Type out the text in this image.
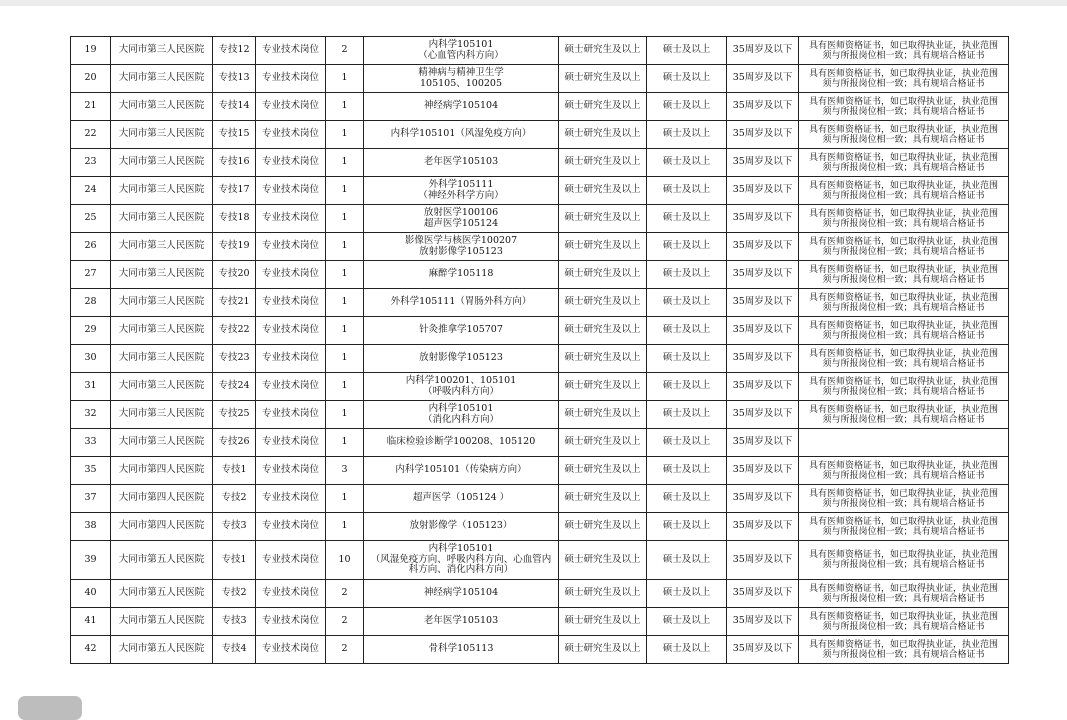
19	大同市第三人民医院	专技12	专业技术岗位	2	内科学105101
（心血管内科方向）	硕士研究生及以上	硕士及以上	35周岁及以下	具有医师资格证书，如已取得执业证，执业范围
须与所报岗位相一致；具有规培合格证书

20	大同市第三人民医院	专技13	专业技术岗位	1	精神病与精神卫生学
105105、100205	硕士研究生及以上	硕士及以上	35周岁及以下	具有医师资格证书，如已取得执业证，执业范围
须与所报岗位相一致；具有规培合格证书

21	大同市第三人民医院	专技14	专业技术岗位	1	神经病学105104	硕士研究生及以上	硕士及以上	35周岁及以下	具有医师资格证书，如已取得执业证，执业范围
须与所报岗位相一致；具有规培合格证书

22	大同市第三人民医院	专技15	专业技术岗位	1	内科学105101（风湿免疫方向）	硕士研究生及以上	硕士及以上	35周岁及以下	具有医师资格证书，如已取得执业证，执业范围
须与所报岗位相一致；具有规培合格证书

23	大同市第三人民医院	专技16	专业技术岗位	1	老年医学105103	硕士研究生及以上	硕士及以上	35周岁及以下	具有医师资格证书，如已取得执业证，执业范围
须与所报岗位相一致；具有规培合格证书

24	大同市第三人民医院	专技17	专业技术岗位	1	外科学105111
（神经外科学方向）	硕士研究生及以上	硕士及以上	35周岁及以下	具有医师资格证书，如已取得执业证，执业范围
须与所报岗位相一致；具有规培合格证书

25	大同市第三人民医院	专技18	专业技术岗位	1	放射医学100106
超声医学105124	硕士研究生及以上	硕士及以上	35周岁及以下	具有医师资格证书，如已取得执业证，执业范围
须与所报岗位相一致；具有规培合格证书

26	大同市第三人民医院	专技19	专业技术岗位	1	影像医学与核医学100207
放射影像学105123	硕士研究生及以上	硕士及以上	35周岁及以下	具有医师资格证书，如已取得执业证，执业范围
须与所报岗位相一致；具有规培合格证书

27	大同市第三人民医院	专技20	专业技术岗位	1	麻醉学105118	硕士研究生及以上	硕士及以上	35周岁及以下	具有医师资格证书，如已取得执业证，执业范围
须与所报岗位相一致；具有规培合格证书

28	大同市第三人民医院	专技21	专业技术岗位	1	外科学105111（胃肠外科方向）	硕士研究生及以上	硕士及以上	35周岁及以下	具有医师资格证书，如已取得执业证，执业范围
须与所报岗位相一致；具有规培合格证书

29	大同市第三人民医院	专技22	专业技术岗位	1	针灸推拿学105707	硕士研究生及以上	硕士及以上	35周岁及以下	具有医师资格证书，如已取得执业证，执业范围
须与所报岗位相一致；具有规培合格证书

30	大同市第三人民医院	专技23	专业技术岗位	1	放射影像学105123	硕士研究生及以上	硕士及以上	35周岁及以下	具有医师资格证书，如已取得执业证，执业范围
须与所报岗位相一致；具有规培合格证书

31	大同市第三人民医院	专技24	专业技术岗位	1	内科学100201、105101
（呼吸内科方向）	硕士研究生及以上	硕士及以上	35周岁及以下	具有医师资格证书，如已取得执业证，执业范围
须与所报岗位相一致；具有规培合格证书

32	大同市第三人民医院	专技25	专业技术岗位	1	内科学105101
（消化内科方向）	硕士研究生及以上	硕士及以上	35周岁及以下	具有医师资格证书，如已取得执业证，执业范围
须与所报岗位相一致；具有规培合格证书

33	大同市第三人民医院	专技26	专业技术岗位	1	临床检验诊断学100208、105120	硕士研究生及以上	硕士及以上	35周岁及以下	
35	大同市第四人民医院	专技1	专业技术岗位	3	内科学105101（传染病方向）	硕士研究生及以上	硕士及以上	35周岁及以下	具有医师资格证书，如已取得执业证，执业范围
须与所报岗位相一致；具有规培合格证书

37	大同市第四人民医院	专技2	专业技术岗位	1	超声医学（105124 ）	硕士研究生及以上	硕士及以上	35周岁及以下	具有医师资格证书，如已取得执业证，执业范围
须与所报岗位相一致；具有规培合格证书

38	大同市第四人民医院	专技3	专业技术岗位	1	放射影像学（105123）	硕士研究生及以上	硕士及以上	35周岁及以下	具有医师资格证书，如已取得执业证，执业范围
须与所报岗位相一致；具有规培合格证书

39	大同市第五人民医院	专技1	专业技术岗位	10	内科学105101
（风湿免疫方向、呼吸内科方向、心血管内
科方向、消化内科方向）	硕士研究生及以上	硕士及以上	35周岁及以下	具有医师资格证书，如已取得执业证，执业范围
须与所报岗位相一致；具有规培合格证书

40	大同市第五人民医院	专技2	专业技术岗位	2	神经病学105104	硕士研究生及以上	硕士及以上	35周岁及以下	具有医师资格证书，如已取得执业证，执业范围
须与所报岗位相一致；具有规培合格证书

41	大同市第五人民医院	专技3	专业技术岗位	2	老年医学105103	硕士研究生及以上	硕士及以上	35周岁及以下	具有医师资格证书，如已取得执业证，执业范围
须与所报岗位相一致；具有规培合格证书

42	大同市第五人民医院	专技4	专业技术岗位	2	骨科学105113	硕士研究生及以上	硕士及以上	35周岁及以下	具有医师资格证书，如已取得执业证，执业范围
须与所报岗位相一致；具有规培合格证书
